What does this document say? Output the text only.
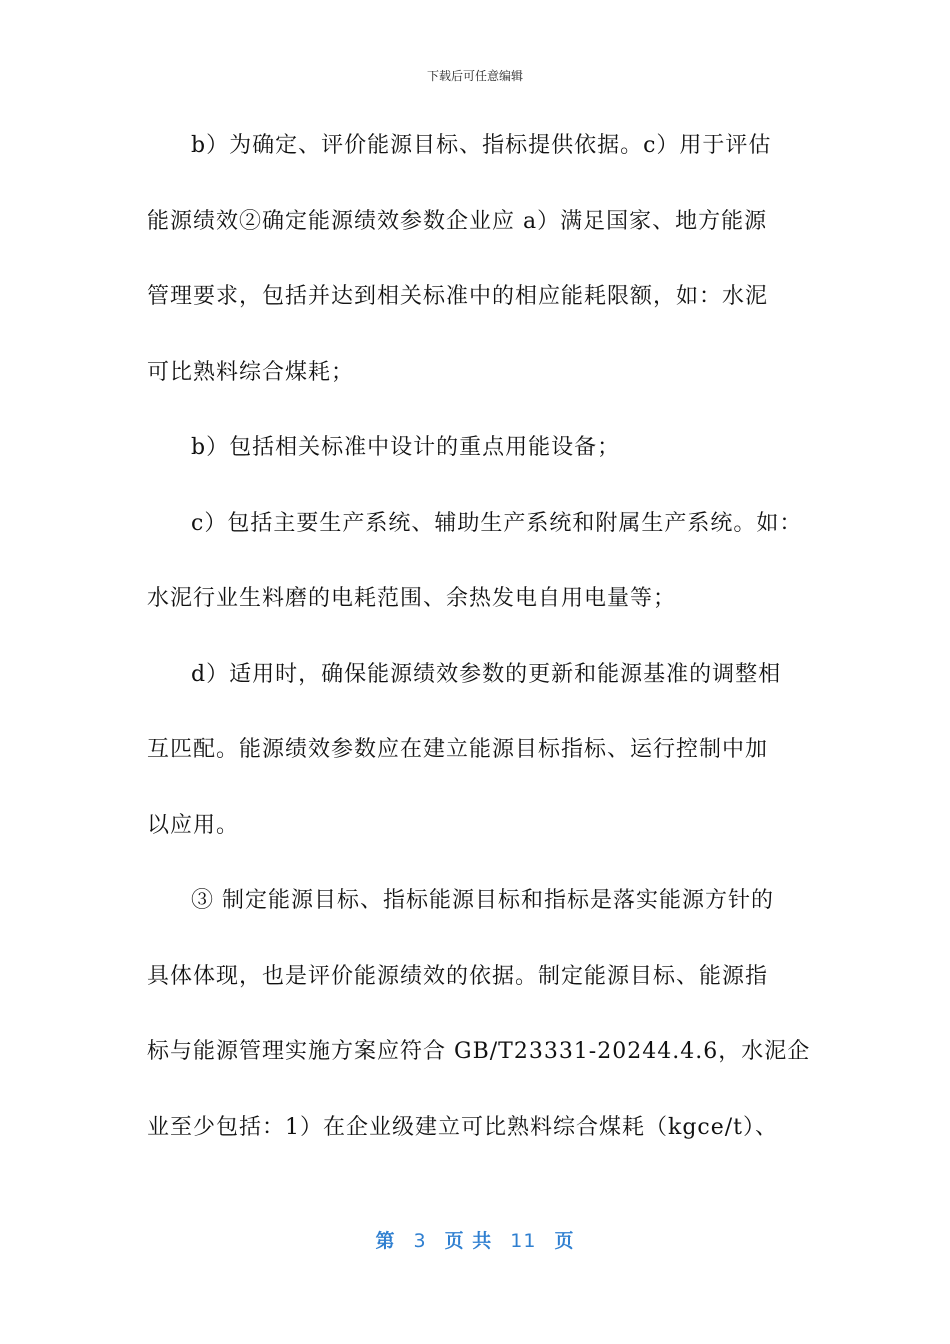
下载后可任意编辑
b）为确定、评价能源目标、指标提供依据。c）用于评估
能源绩效②确定能源绩效参数企业应 a）满足国家、地方能源
管理要求，包括并达到相关标准中的相应能耗限额，如：水泥
可比熟料综合煤耗；
b）包括相关标准中设计的重点用能设备；
c）包括主要生产系统、辅助生产系统和附属生产系统。如：
水泥行业生料磨的电耗范围、余热发电自用电量等；
d）适用时，确保能源绩效参数的更新和能源基准的调整相
互匹配。能源绩效参数应在建立能源目标指标、运行控制中加
以应用。
③ 制定能源目标、指标能源目标和指标是落实能源方针的
具体体现，也是评价能源绩效的依据。制定能源目标、能源指
标与能源管理实施方案应符合 GB/T23331-20244.4.6，水泥企
业至少包括：1）在企业级建立可比熟料综合煤耗（kgce/t）、
第 3 页 共 11 页
